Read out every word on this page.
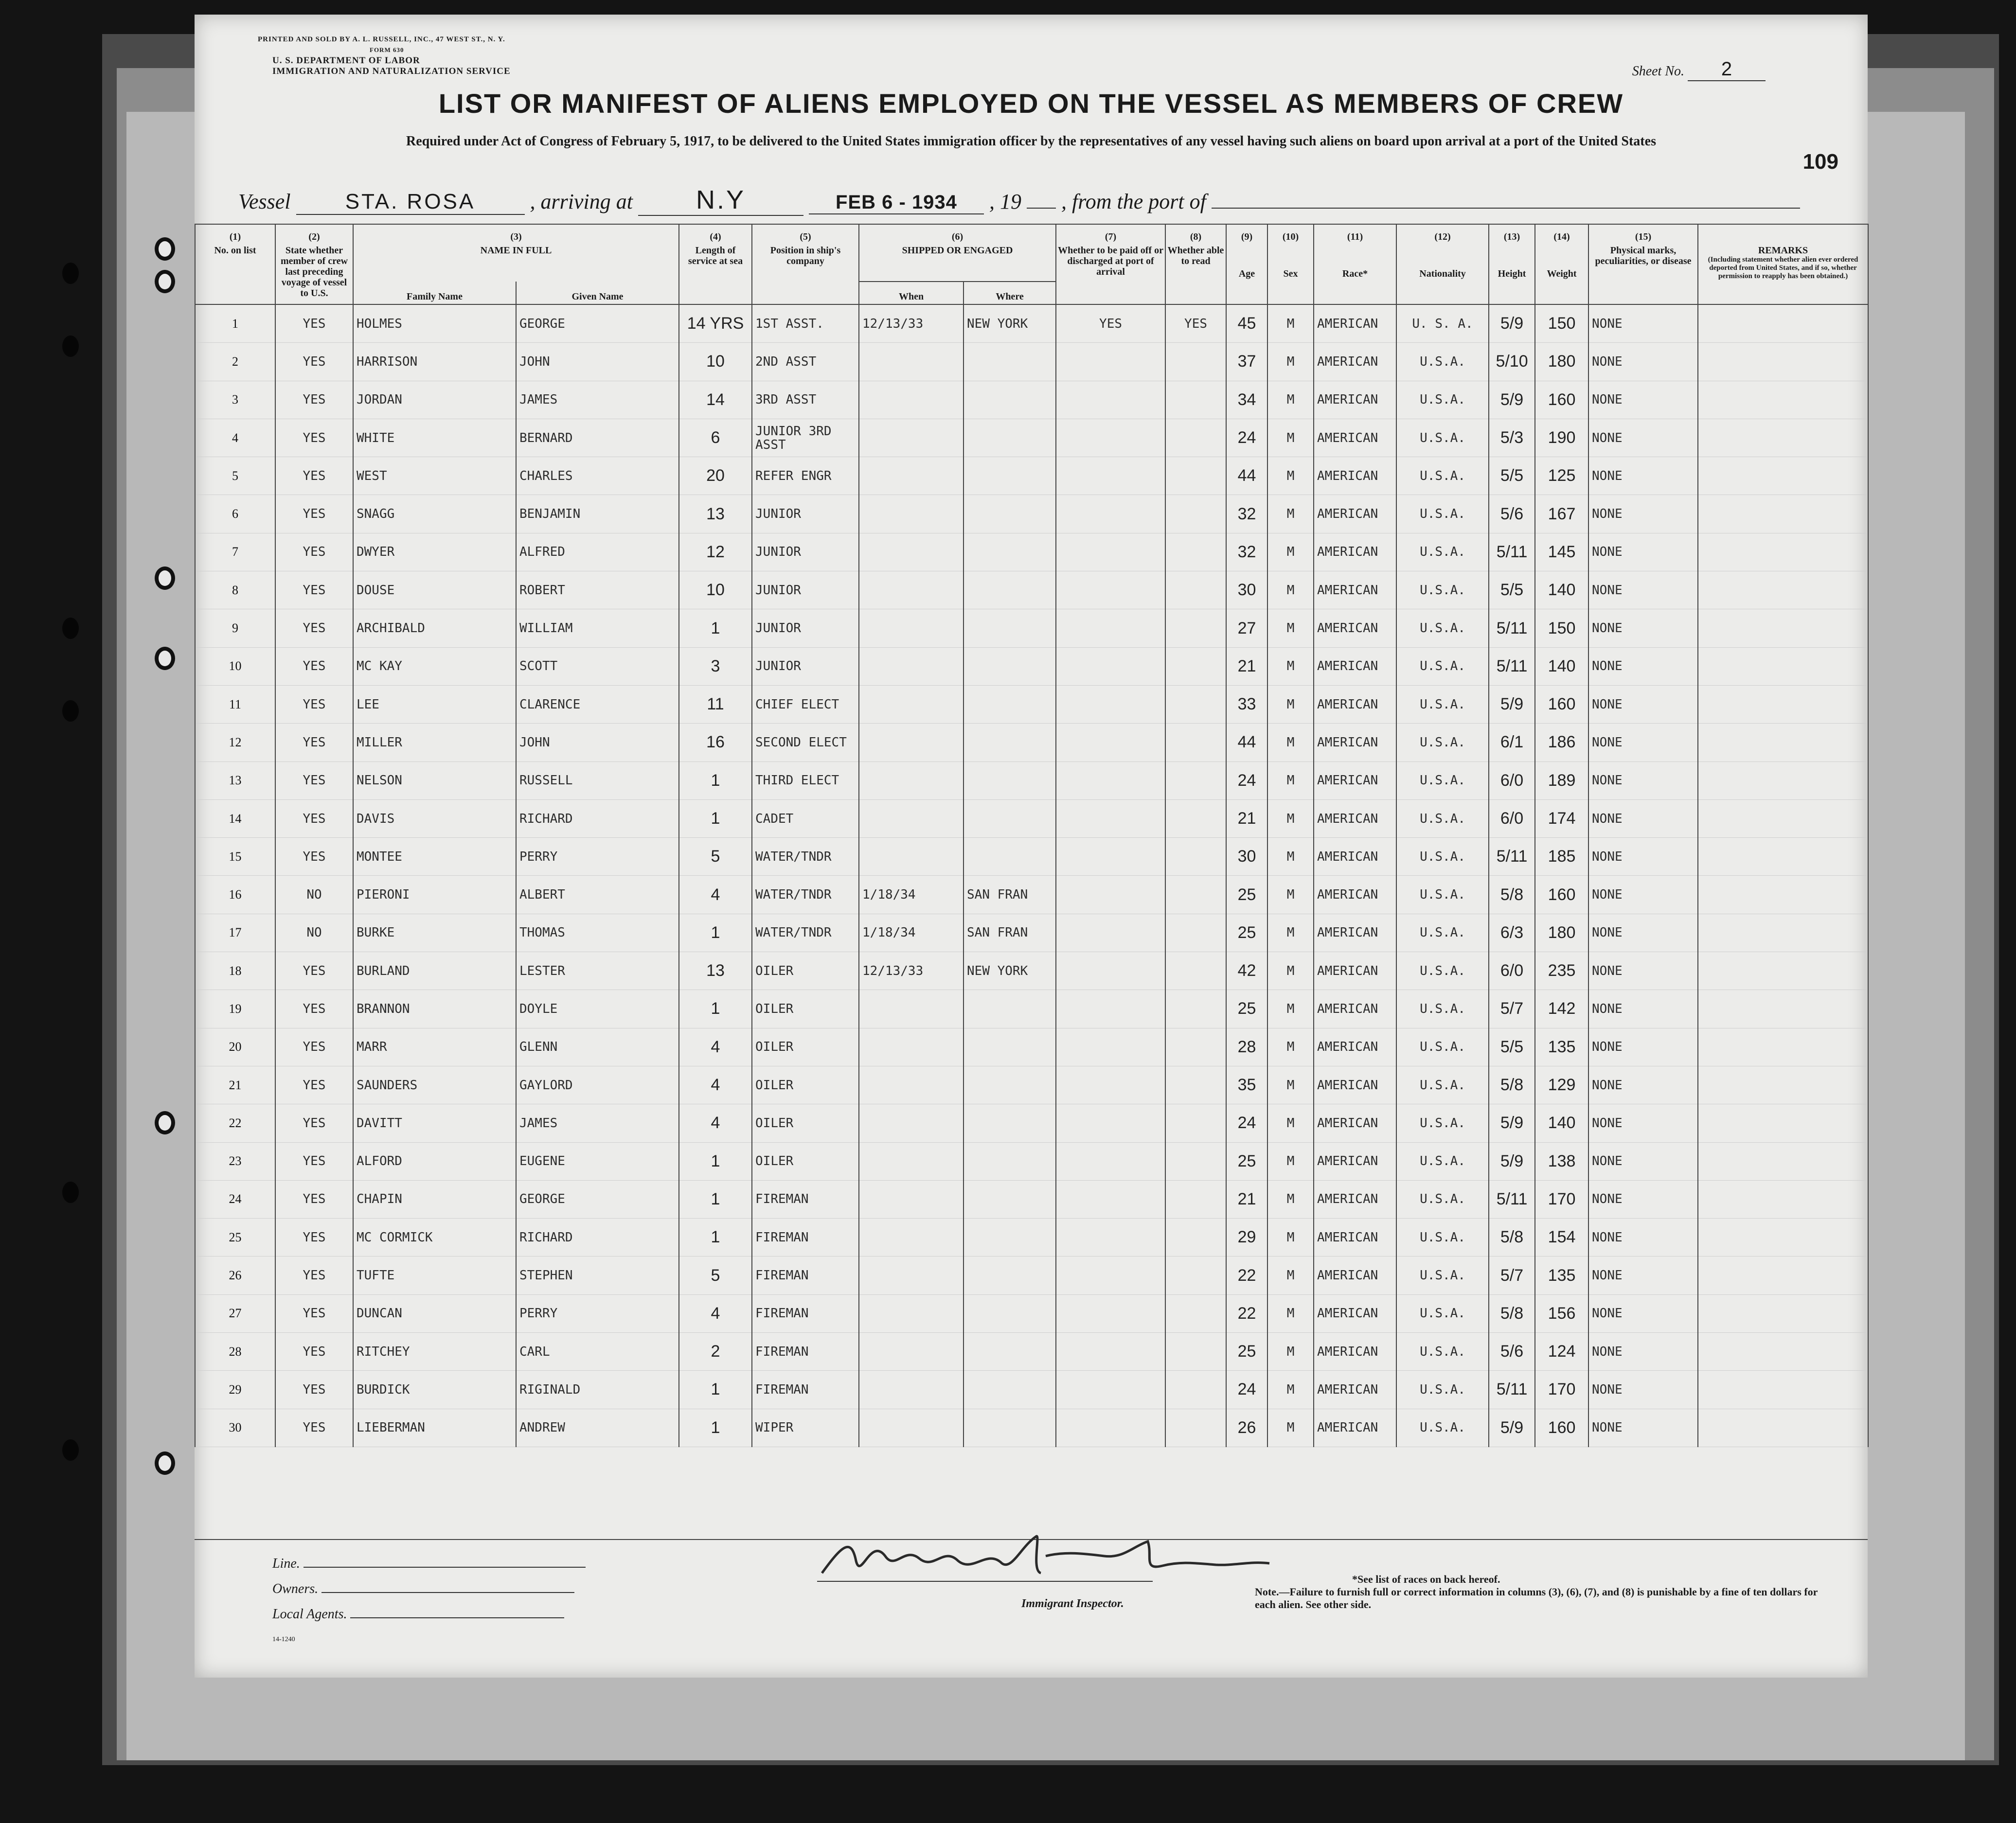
PRINTED AND SOLD BY A. L. RUSSELL, INC., 47 WEST ST., N. Y.
FORM 630
U. S. DEPARTMENT OF LABOR
IMMIGRATION AND NATURALIZATION SERVICE	Sheet No. 2
LIST OR MANIFEST OF ALIENS EMPLOYED ON THE VESSEL AS MEMBERS OF CREW
Required under Act of Congress of February 5, 1917, to be delivered to the United States immigration officer by the representatives of any vessel having such aliens on board upon arrival at a port of the United States
109
Vessel	STA. ROSA	, arriving at N.Y	FEB 6 - 1934 , 19 , from the port of
(1)	(2)	(3)		(4)	(5)	(6)		(7)	(8)	(9)	(10)	(11)	(12)	(13)	(14)	(15)	
No. on list	State whether member of crew last preceding voyage of vessel to U.S.	NAME IN FULL		Length of service at sea	Position in ship's company	SHIPPED OR ENGAGED		Whether to be paid off or discharged at port of arrival	Whether able to read	Age	Sex	Race*	Nationality	Height	Weight	Physical marks, peculiarities, or disease	REMARKS
(Including statement whether alien ever ordered deported from United States, and if so, whether permission to reapply has been obtained.)

		Family Name	Given Name			When	Where										
1	YES	HOLMES	GEORGE	14 YRS	1ST ASST.	12/13/33	NEW YORK	YES	YES	45	M	AMERICAN	U. S. A.	5/9	150	NONE	
2	YES	HARRISON	JOHN	10	2ND ASST					37	M	AMERICAN	U.S.A.	5/10	180	NONE	
3	YES	JORDAN	JAMES	14	3RD ASST					34	M	AMERICAN	U.S.A.	5/9	160	NONE	
4	YES	WHITE	BERNARD	6	JUNIOR 3RD ASST					24	M	AMERICAN	U.S.A.	5/3	190	NONE	
5	YES	WEST	CHARLES	20	REFER ENGR					44	M	AMERICAN	U.S.A.	5/5	125	NONE	
6	YES	SNAGG	BENJAMIN	13	JUNIOR					32	M	AMERICAN	U.S.A.	5/6	167	NONE	
7	YES	DWYER	ALFRED	12	JUNIOR					32	M	AMERICAN	U.S.A.	5/11	145	NONE	
8	YES	DOUSE	ROBERT	10	JUNIOR					30	M	AMERICAN	U.S.A.	5/5	140	NONE	
9	YES	ARCHIBALD	WILLIAM	1	JUNIOR					27	M	AMERICAN	U.S.A.	5/11	150	NONE	
10	YES	MC KAY	SCOTT	3	JUNIOR					21	M	AMERICAN	U.S.A.	5/11	140	NONE	
11	YES	LEE	CLARENCE	11	CHIEF ELECT					33	M	AMERICAN	U.S.A.	5/9	160	NONE	
12	YES	MILLER	JOHN	16	SECOND ELECT					44	M	AMERICAN	U.S.A.	6/1	186	NONE	
13	YES	NELSON	RUSSELL	1	THIRD ELECT					24	M	AMERICAN	U.S.A.	6/0	189	NONE	
14	YES	DAVIS	RICHARD	1	CADET					21	M	AMERICAN	U.S.A.	6/0	174	NONE	
15	YES	MONTEE	PERRY	5	WATER/TNDR					30	M	AMERICAN	U.S.A.	5/11	185	NONE	
16	NO	PIERONI	ALBERT	4	WATER/TNDR	1/18/34	SAN FRAN			25	M	AMERICAN	U.S.A.	5/8	160	NONE	
17	NO	BURKE	THOMAS	1	WATER/TNDR	1/18/34	SAN FRAN			25	M	AMERICAN	U.S.A.	6/3	180	NONE	
18	YES	BURLAND	LESTER	13	OILER	12/13/33	NEW YORK			42	M	AMERICAN	U.S.A.	6/0	235	NONE	
19	YES	BRANNON	DOYLE	1	OILER					25	M	AMERICAN	U.S.A.	5/7	142	NONE	
20	YES	MARR	GLENN	4	OILER					28	M	AMERICAN	U.S.A.	5/5	135	NONE	
21	YES	SAUNDERS	GAYLORD	4	OILER					35	M	AMERICAN	U.S.A.	5/8	129	NONE	
22	YES	DAVITT	JAMES	4	OILER					24	M	AMERICAN	U.S.A.	5/9	140	NONE	
23	YES	ALFORD	EUGENE	1	OILER					25	M	AMERICAN	U.S.A.	5/9	138	NONE	
24	YES	CHAPIN	GEORGE	1	FIREMAN					21	M	AMERICAN	U.S.A.	5/11	170	NONE	
25	YES	MC CORMICK	RICHARD	1	FIREMAN					29	M	AMERICAN	U.S.A.	5/8	154	NONE	
26	YES	TUFTE	STEPHEN	5	FIREMAN					22	M	AMERICAN	U.S.A.	5/7	135	NONE	
27	YES	DUNCAN	PERRY	4	FIREMAN					22	M	AMERICAN	U.S.A.	5/8	156	NONE	
28	YES	RITCHEY	CARL	2	FIREMAN					25	M	AMERICAN	U.S.A.	5/6	124	NONE	
29	YES	BURDICK	RIGINALD	1	FIREMAN					24	M	AMERICAN	U.S.A.	5/11	170	NONE	
30	YES	LIEBERMAN	ANDREW	1	WIPER					26	M	AMERICAN	U.S.A.	5/9	160	NONE	
Line.
Owners.
Local Agents.
14-1240
Immigrant Inspector.
*See list of races on back hereof.
Note.—Failure to furnish full or correct information in columns (3), (6), (7), and (8) is punishable by a fine of ten dollars for each alien. See other side.
